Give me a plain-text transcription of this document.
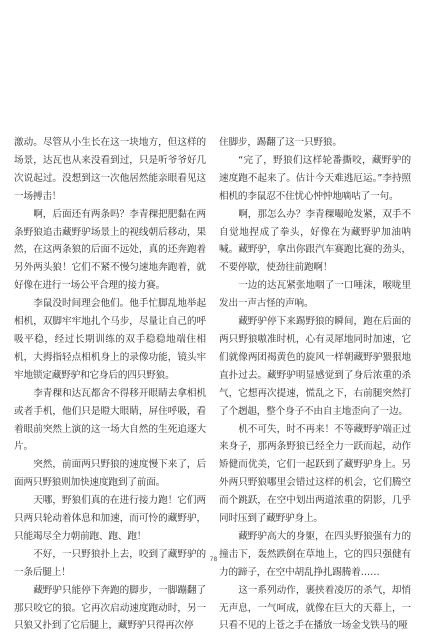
激动。尽管从小生长在这一块地方，但这样的场景，达瓦也从来没看到过，只是听爷爷好几次说起过。没想到这一次他居然能亲眼看见这一场搏击！

啊，后面还有两条吗？李青稞把肥黏在两条野狼追击藏野驴场景上的视线朝后移动，果然，在这两条狼的后面不远处，真的还奔跑着另外两头狼！它们不紧不慢匀速地奔跑着，就好像在进行一场公平合理的接力赛。

李鼠没时间理会他们。他手忙脚乱地举起相机，双脚牢牢地扎个马步，尽量让自己的呼吸平稳，经过长期训练的双手稳稳地端住相机，大拇指轻点相机身上的录像功能，镜头牢牢地锁定藏野驴和它身后的四只野狼。

李青稞和达瓦都舍不得移开眼睛去拿相机或者手机，他们只是瞪大眼睛，屏住呼吸，看着眼前突然上演的这一场大自然的生死追逐大片。

突然，前面两只野狼的速度慢下来了，后面两只野狼则加快速度跑到了前面。

天哪，野狼们真的在进行接力跑！它们两只两只轮动着体息和加速，而可怜的藏野驴，只能竭尽全力朝前跑、跑、跑！

不好，一只野狼扑上去，咬到了藏野驴的一条后腿上！

藏野驴只能停下奔跑的脚步，一脚蹦翻了那只咬它的狼。它再次启动速度跑动时，另一只狼又扑到了它后腿上，藏野驴只得再次停

住脚步，踢翻了这一只野狼。

“完了，野狼们这样轮番撕咬，藏野驴的速度跑不起来了。估计今天难逃厄运。”李持照相机的李鼠忍不住忧心忡忡地嘀咕了一句。

啊，那怎么办？李青稞嘬呛发紧，双手不自觉地捏成了拳头，好像在为藏野驴加油呐喊。藏野驴，拿出你跟汽车赛跑比赛的劲头，不要停歇，使劲往前跑啊！

一边的达瓦紧张地咽了一口唾沫，喉咙里发出一声古怪的声响。

藏野驴停下来踢野狼的瞬间，跑在后面的两只野狼嗷准时机，心有灵犀地同时加速，它们就像两团褐黄色的旋风一样朝藏野驴猥狠地直扑过去。藏野驴明显感觉到了身后浓重的杀气，它想再次提速，慌乱之下，右前腿突然打了个趔趄，整个身子不由自主地歪向了一边。

机不可失，时不再来！不等藏野驴端正过来身子，那两条野狼已经全力一跃而起，动作矫健而优美，它们一起跃到了藏野驴身上。另外两只野狼哪里会错过这样的机会，它们腾空而个跳跃，在空中划出两道浓重的阴影，几乎同时压到了藏野驴身上。

藏野驴高大的身躯，在四头野狼强有力的撞击下，轰然跌倒在草地上，它的四只强健有力的蹄子，在空中胡乱挣扎踢腾着……

这一系列动作，裹挟着凌厉的杀气，却悄无声息，一气呵成，就像在巨大的天幕上，一只看不见的上苍之手在播放一场金戈铁马的哑

78
